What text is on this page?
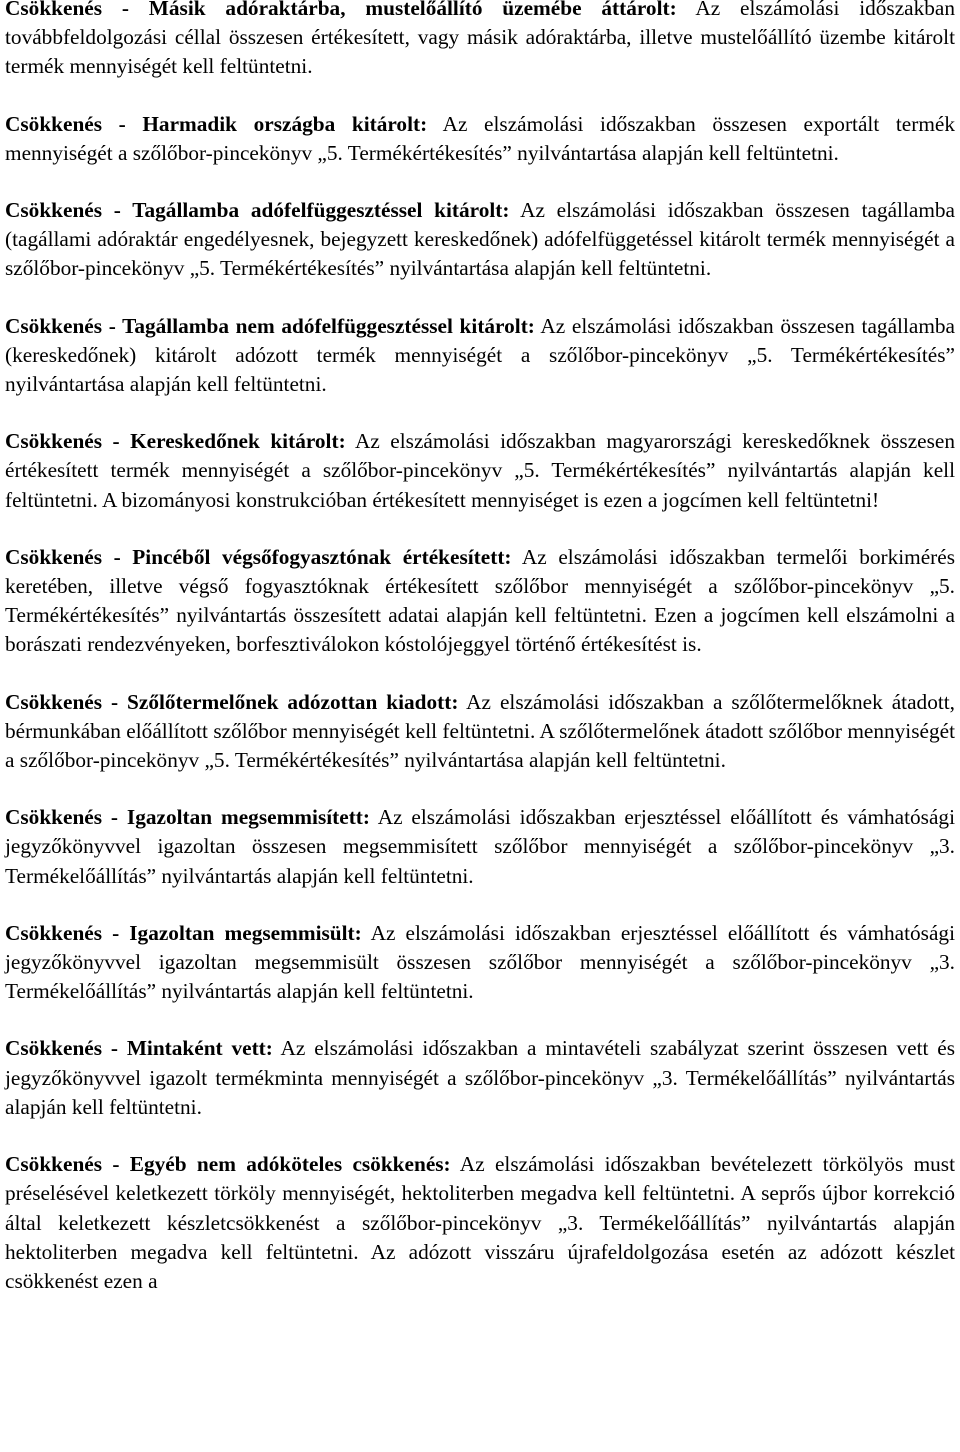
Csökkenés - Másik adóraktárba, mustelőállító üzemébe áttárolt: Az elszámolási időszakban továbbfeldolgozási céllal összesen értékesített, vagy másik adóraktárba, illetve mustelőállító üzembe kitárolt termék mennyiségét kell feltüntetni.

Csökkenés - Harmadik országba kitárolt: Az elszámolási időszakban összesen exportált termék mennyiségét a szőlőbor-pincekönyv „5. Termékértékesítés” nyilvántartása alapján kell feltüntetni.

Csökkenés - Tagállamba adófelfüggesztéssel kitárolt: Az elszámolási időszakban összesen tagállamba (tagállami adóraktár engedélyesnek, bejegyzett kereskedőnek) adófelfüggetéssel kitárolt termék mennyiségét a szőlőbor-pincekönyv „5. Termékértékesítés” nyilvántartása alapján kell feltüntetni.

Csökkenés - Tagállamba nem adófelfüggesztéssel kitárolt: Az elszámolási időszakban összesen tagállamba (kereskedőnek) kitárolt adózott termék mennyiségét a szőlőbor-pincekönyv „5. Termékértékesítés” nyilvántartása alapján kell feltüntetni.

Csökkenés - Kereskedőnek kitárolt: Az elszámolási időszakban magyarországi kereskedőknek összesen értékesített termék mennyiségét a szőlőbor-pincekönyv „5. Termékértékesítés” nyilvántartás alapján kell feltüntetni. A bizományosi konstrukcióban értékesített mennyiséget is ezen a jogcímen kell feltüntetni!

Csökkenés - Pincéből végsőfogyasztónak értékesített: Az elszámolási időszakban termelői borkimérés keretében, illetve végső fogyasztóknak értékesített szőlőbor mennyiségét a szőlőbor-pincekönyv „5. Termékértékesítés” nyilvántartás összesített adatai alapján kell feltüntetni. Ezen a jogcímen kell elszámolni a borászati rendezvényeken, borfesztiválokon kóstolójeggyel történő értékesítést is.

Csökkenés - Szőlőtermelőnek adózottan kiadott: Az elszámolási időszakban a szőlőtermelőknek átadott, bérmunkában előállított szőlőbor mennyiségét kell feltüntetni. A szőlőtermelőnek átadott szőlőbor mennyiségét a szőlőbor-pincekönyv „5. Termékértékesítés” nyilvántartása alapján kell feltüntetni.

Csökkenés - Igazoltan megsemmisített: Az elszámolási időszakban erjesztéssel előállított és vámhatósági jegyzőkönyvvel igazoltan összesen megsemmisített szőlőbor mennyiségét a szőlőbor-pincekönyv „3. Termékelőállítás” nyilvántartás alapján kell feltüntetni.

Csökkenés - Igazoltan megsemmisült: Az elszámolási időszakban erjesztéssel előállított és vámhatósági jegyzőkönyvvel igazoltan megsemmisült összesen szőlőbor mennyiségét a szőlőbor-pincekönyv „3. Termékelőállítás” nyilvántartás alapján kell feltüntetni.

Csökkenés - Mintaként vett: Az elszámolási időszakban a mintavételi szabályzat szerint összesen vett és jegyzőkönyvvel igazolt termékminta mennyiségét a szőlőbor-pincekönyv „3. Termékelőállítás” nyilvántartás alapján kell feltüntetni.

Csökkenés - Egyéb nem adóköteles csökkenés: Az elszámolási időszakban bevételezett törkölyös must préselésével keletkezett törköly mennyiségét, hektoliterben megadva kell feltüntetni. A seprős újbor korrekció által keletkezett készletcsökkenést a szőlőbor-pincekönyv „3. Termékelőállítás” nyilvántartás alapján hektoliterben megadva kell feltüntetni. Az adózott visszáru újrafeldolgozása esetén az adózott készlet csökkenést ezen a
